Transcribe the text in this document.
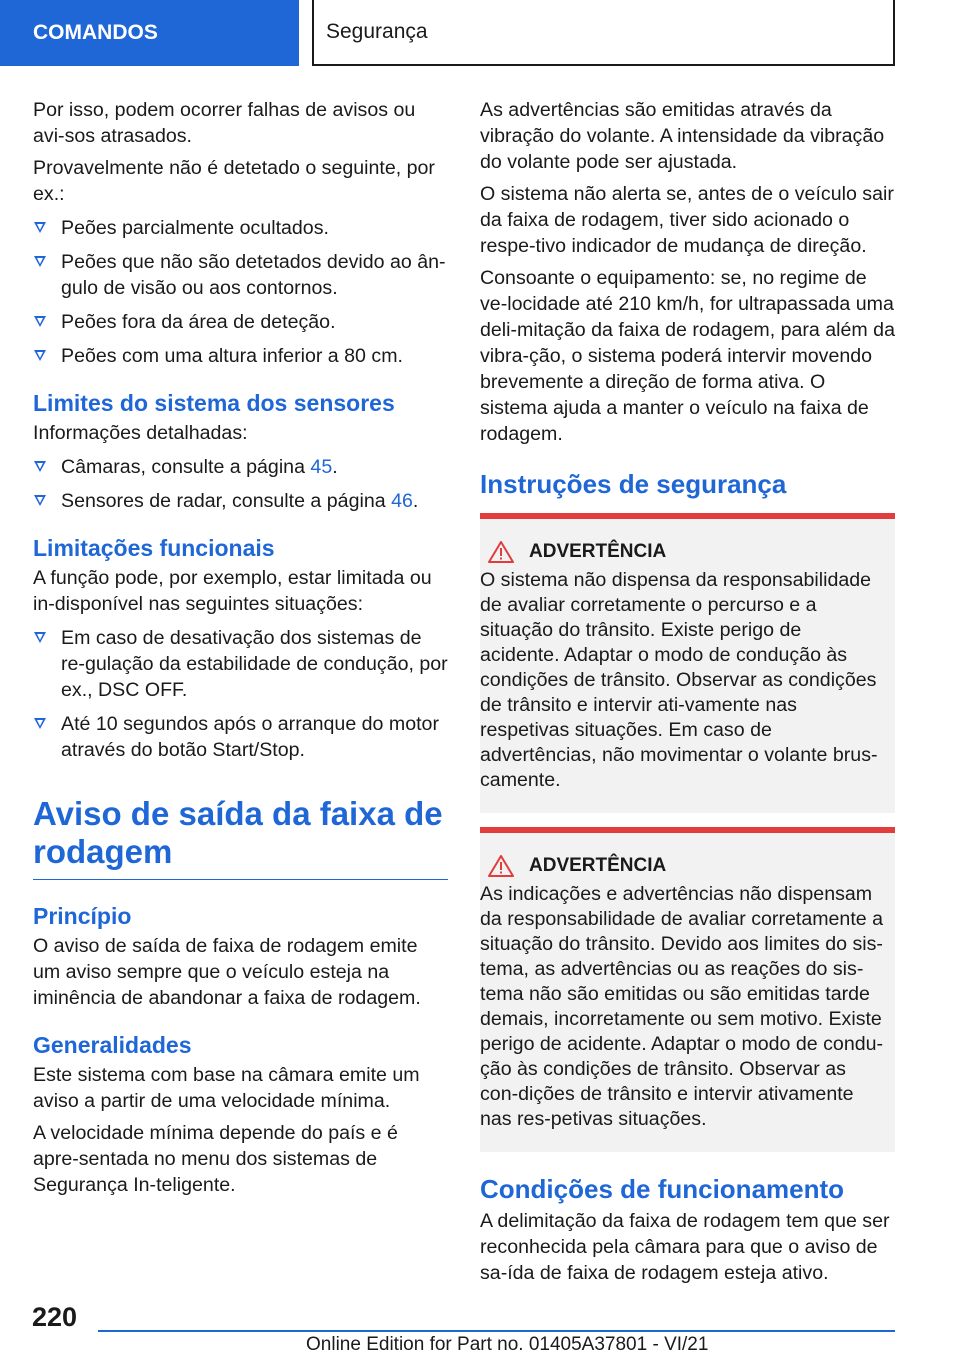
COMANDOS	Segurança

Por isso, podem ocorrer falhas de avisos ou avi-sos atrasados.

Provavelmente não é detetado o seguinte, por ex.:

Peões parcialmente ocultados.
Peões que não são detetados devido ao ân-gulo de visão ou aos contornos.
Peões fora da área de deteção.
Peões com uma altura inferior a 80 cm.
Limites do sistema dos sensores

Informações detalhadas:

Câmaras, consulte a página 45.
Sensores de radar, consulte a página 46.
Limitações funcionais

A função pode, por exemplo, estar limitada ou in-disponível nas seguintes situações:

Em caso de desativação dos sistemas de re-gulação da estabilidade de condução, por ex., DSC OFF.
Até 10 segundos após o arranque do motor através do botão Start/Stop.
Aviso de saída da faixa de rodagem
Princípio

O aviso de saída de faixa de rodagem emite um aviso sempre que o veículo esteja na iminência de abandonar a faixa de rodagem.

Generalidades

Este sistema com base na câmara emite um aviso a partir de uma velocidade mínima.

A velocidade mínima depende do país e é apre-sentada no menu dos sistemas de Segurança In-teligente.

As advertências são emitidas através da vibração do volante. A intensidade da vibração do volante pode ser ajustada.

O sistema não alerta se, antes de o veículo sair da faixa de rodagem, tiver sido acionado o respe-tivo indicador de mudança de direção.

Consoante o equipamento: se, no regime de ve-locidade até 210 km/h, for ultrapassada uma deli-mitação da faixa de rodagem, para além da vibra-ção, o sistema poderá intervir movendo brevemente a direção de forma ativa. O sistema ajuda a manter o veículo na faixa de rodagem.

Instruções de segurança
ADVERTÊNCIA
O sistema não dispensa da responsabilidade de avaliar corretamente o percurso e a situação do trânsito. Existe perigo de acidente. Adaptar o modo de condução às condições de trânsito. Observar as condições de trânsito e intervir ati-vamente nas respetivas situações. Em caso de advertências, não movimentar o volante brus-camente.
ADVERTÊNCIA
As indicações e advertências não dispensam da responsabilidade de avaliar corretamente a situação do trânsito. Devido aos limites do sis-tema, as advertências ou as reações do sis-tema não são emitidas ou são emitidas tarde demais, incorretamente ou sem motivo. Existe perigo de acidente. Adaptar o modo de condu-ção às condições de trânsito. Observar as con-dições de trânsito e intervir ativamente nas res-petivas situações.
Condições de funcionamento

A delimitação da faixa de rodagem tem que ser reconhecida pela câmara para que o aviso de sa-ída de faixa de rodagem esteja ativo.

220
Online Edition for Part no. 01405A37801 - VI/21
